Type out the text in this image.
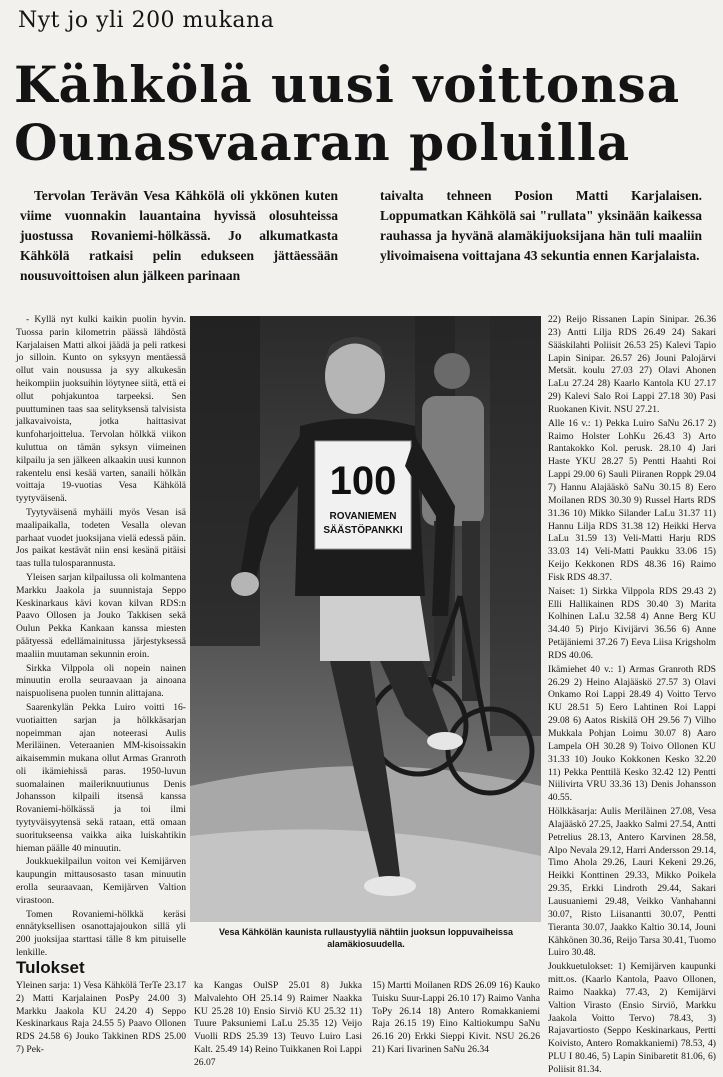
Nyt jo yli 200 mukana
Kähkölä uusi voittonsa
Ounasvaaran poluilla

Tervolan Terävän Vesa Kähkölä oli ykkönen kuten viime vuonnakin lauantaina hyvissä olosuhteissa juostussa Rovaniemi-hölkässä. Jo alkumatkasta Kähkölä ratkaisi pelin edukseen jättäessään nousuvoittoisen alun jälkeen parinaan

taivalta tehneen Posion Matti Karjalaisen. Loppumatkan Kähkölä sai "rullata" yksinään kaikessa rauhassa ja hyvänä alamäkijuoksijana hän tuli maaliin ylivoimaisena voittajana 43 sekuntia ennen Karjalaista.

- Kyllä nyt kulki kaikin puolin hyvin. Tuossa parin kilometrin päässä lähdöstä Karjalaisen Matti alkoi jäädä ja peli ratkesi jo silloin. Kunto on syksyyn mentäessä ollut vain nousussa ja syy alkukesän heikompiin juoksuihin löytynee siitä, että ei ollut pohjakuntoa tarpeeksi. Sen puuttuminen taas saa selityksensä talvisista jalkavaivoista, jotka haittasivat kunfoharjoittelua. Tervolan hölkkä viikon kuluttua on tämän syksyn viimeinen kilpailu ja sen jälkeen alkaakin uusi kunnon rakentelu ensi kesää varten, sanaili hölkän voittaja 19-vuotias Vesa Kähkölä tyytyväisenä.

Tyytyväisenä myhäili myös Vesan isä maalipaikalla, todeten Vesalla olevan parhaat vuodet juoksijana vielä edessä päin. Jos paikat kestävät niin ensi kesänä pitäisi taas tulla tulosparannusta.

Yleisen sarjan kilpailussa oli kolmantena Markku Jaakola ja suunnistaja Seppo Keskinarkaus kävi kovan kilvan RDS:n Paavo Ollosen ja Jouko Takkisen sekä Oulun Pekka Kankaan kanssa miesten päätyessä edellämainitussa järjestyksessä maaliin muutaman sekunnin eroin.

Sirkka Vilppola oli nopein nainen minuutin erolla seuraavaan ja ainoana naispuolisena puolen tunnin alittajana.

Saarenkylän Pekka Luiro voitti 16-vuotiaitten sarjan ja hölkkäsarjan nopeimman ajan noteerasi Aulis Meriläinen. Veteraanien MM-kisoissakin aikaisemmin mukana ollut Armas Granroth oli ikämiehissä paras. 1950-luvun suomalainen maileriknuutiunus Denis Johansson kilpaili itsensä kanssa Rovaniemi-hölkässä ja toi ilmi tyytyväisyytensä sekä rataan, että omaan suoritukseensa vaikka aika luiskahtikin hieman päälle 40 minuutin.

Joukkuekilpailun voiton vei Kemijärven kaupungin mittausosasto tasan minuutin erolla seuraavaan, Kemijärven Valtion virastoon.

Tomen Rovaniemi-hölkkä keräsi ennätyksellisen osanottajajoukon sillä yli 200 juoksijaa starttasi tälle 8 km pituiselle lenkille.

100
ROVANIEMEN
SÄÄSTÖPANKKI

Vesa Kähkölän kaunista rullaustyyliä nähtiin juoksun loppuvaiheissa alamäkiosuudella.

22) Reijo Rissanen Lapin Sinipar. 26.36 23) Antti Lilja RDS 26.49 24) Sakari Sääskilahti Poliisit 26.53 25) Kalevi Tapio Lapin Sinipar. 26.57 26) Jouni Palojärvi Metsät. koulu 27.03 27) Olavi Ahonen LaLu 27.24 28) Kaarlo Kantola KU 27.17 29) Kalevi Salo Roi Lappi 27.18 30) Pasi Ruokanen Kivit. NSU 27.21.

Alle 16 v.: 1) Pekka Luiro SaNu 26.17 2) Raimo Holster LohKu 26.43 3) Arto Rantakokko Kol. perusk. 28.10 4) Jari Haste YKU 28.27 5) Pentti Haahti Roi Lappi 29.00 6) Sauli Piiranen Roppk 29.04 7) Hannu Alajääskö SaNu 30.15 8) Eero Moilanen RDS 30.30 9) Russel Harts RDS 31.36 10) Mikko Silander LaLu 31.37 11) Hannu Lilja RDS 31.38 12) Heikki Herva LaLu 31.59 13) Veli-Matti Harju RDS 33.03 14) Veli-Matti Paukku 33.06 15) Keijo Kekkonen RDS 48.36 16) Raimo Fisk RDS 48.37.

Naiset: 1) Sirkka Vilppola RDS 29.43 2) Elli Hallikainen RDS 30.40 3) Marita Kolhinen LaLu 32.58 4) Anne Berg KU 34.40 5) Pirjo Kivijärvi 36.56 6) Anne Petäjäniemi 37.26 7) Eeva Liisa Krigsholm RDS 40.06.

Ikämiehet 40 v.: 1) Armas Granroth RDS 26.29 2) Heino Alajääskö 27.57 3) Olavi Onkamo Roi Lappi 28.49 4) Voitto Tervo KU 28.51 5) Eero Lahtinen Roi Lappi 29.08 6) Aatos Riskilä OH 29.56 7) Vilho Mukkala Pohjan Loimu 30.07 8) Aaro Lampela OH 30.28 9) Toivo Ollonen KU 31.33 10) Jouko Kokkonen Kesko 32.20 11) Pekka Penttilä Kesko 32.42 12) Pentti Niilivirta VRU 33.36 13) Denis Johansson 40.55.

Hölkkäsarja: Aulis Meriläinen 27.08, Vesa Alajääskö 27.25, Jaakko Salmi 27.54, Antti Petrelius 28.13, Antero Karvinen 28.58, Alpo Nevala 29.12, Harri Andersson 29.14, Timo Ahola 29.26, Lauri Kekeni 29.26, Heikki Konttinen 29.33, Mikko Poikela 29.35, Erkki Lindroth 29.44, Sakari Lausuaniemi 29.48, Veikko Vanhahanni 30.07, Risto Liisanantti 30.07, Pentti Tieranta 30.07, Jaakko Kaltio 30.14, Jouni Kähkönen 30.36, Reijo Tarsa 30.41, Tuomo Luiro 30.48.

Joukkuetulokset: 1) Kemijärven kaupunki mitt.os. (Kaarlo Kantola, Paavo Ollonen, Raimo Naakka) 77.43, 2) Kemijärvi Valtion Virasto (Ensio Sirviö, Markku Jaakola Voitto Tervo) 78.43, 3) Rajavartiosto (Seppo Keskinarkaus, Pertti Koivisto, Antero Romakkaniemi) 78.53, 4) PLU I 80.46, 5) Lapin Sinibaretit 81.06, 6) Poliisit 81.34.

Tulokset

Yleinen sarja: 1) Vesa Kähkölä TerTe 23.17 2) Matti Karjalainen PosPy 24.00 3) Markku Jaakola KU 24.20 4) Seppo Keskinarkaus Raja 24.55 5) Paavo Ollonen RDS 24.58 6) Jouko Takkinen RDS 25.00 7) Pek-

ka Kangas OulSP 25.01 8) Jukka Malvalehto OH 25.14 9) Raimer Naakka KU 25.28 10) Ensio Sirviö KU 25.32 11) Tuure Paksuniemi LaLu 25.35 12) Veijo Vuolli RDS 25.39 13) Teuvo Luiro Lasi Kalt. 25.49 14) Reino Tuikkanen Roi Lappi 26.07

15) Martti Moilanen RDS 26.09 16) Kauko Tuisku Suur-Lappi 26.10 17) Raimo Vanha ToPy 26.14 18) Antero Romakkaniemi Raja 26.15 19) Eino Kaltiokumpu SaNu 26.16 20) Erkki Sieppi Kivit. NSU 26.26 21) Kari Iivarinen SaNu 26.34
